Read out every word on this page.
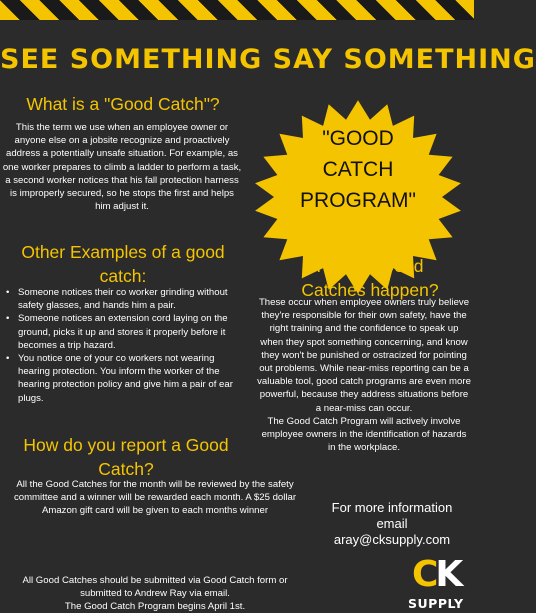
SEE SOMETHING SAY SOMETHING
What is a "Good Catch"?
This the term we use when an employee owner or anyone else on a jobsite recognize and proactively address a potentially unsafe situation. For example, as one worker prepares to climb a ladder to perform a task, a second worker notices that his fall protection harness is improperly secured, so he stops the first and helps him adjust it.
"GOOD
CATCH
PROGRAM"
Other Examples of a good catch:
• Someone notices their co worker grinding without safety glasses, and hands him a pair.
• Someone notices an extension cord laying on the ground, picks it up and stores it properly before it becomes a trip hazard.
• You notice one of your co workers not wearing hearing protection. You inform the worker of the hearing protection policy and give him a pair of ear plugs.
How do Good Catches happen?
These occur when employee owners truly believe they're responsible for their own safety, have the right training and the confidence to speak up when they spot something concerning, and know they won't be punished or ostracized for pointing out problems. While near-miss reporting can be a valuable tool, good catch programs are even more powerful, because they address situations before a near-miss can occur.
The Good Catch Program will actively involve employee owners in the identification of hazards in the workplace.
How do you report a Good Catch?
All the Good Catches for the month will be reviewed by the safety committee and a winner will be rewarded each month. A $25 dollar Amazon gift card will be given to each months winner
All Good Catches should be submitted via Good Catch form or submitted to Andrew Ray via email.
The Good Catch Program begins April 1st.
For more information
email
aray@cksupply.com
CK
SUPPLY
